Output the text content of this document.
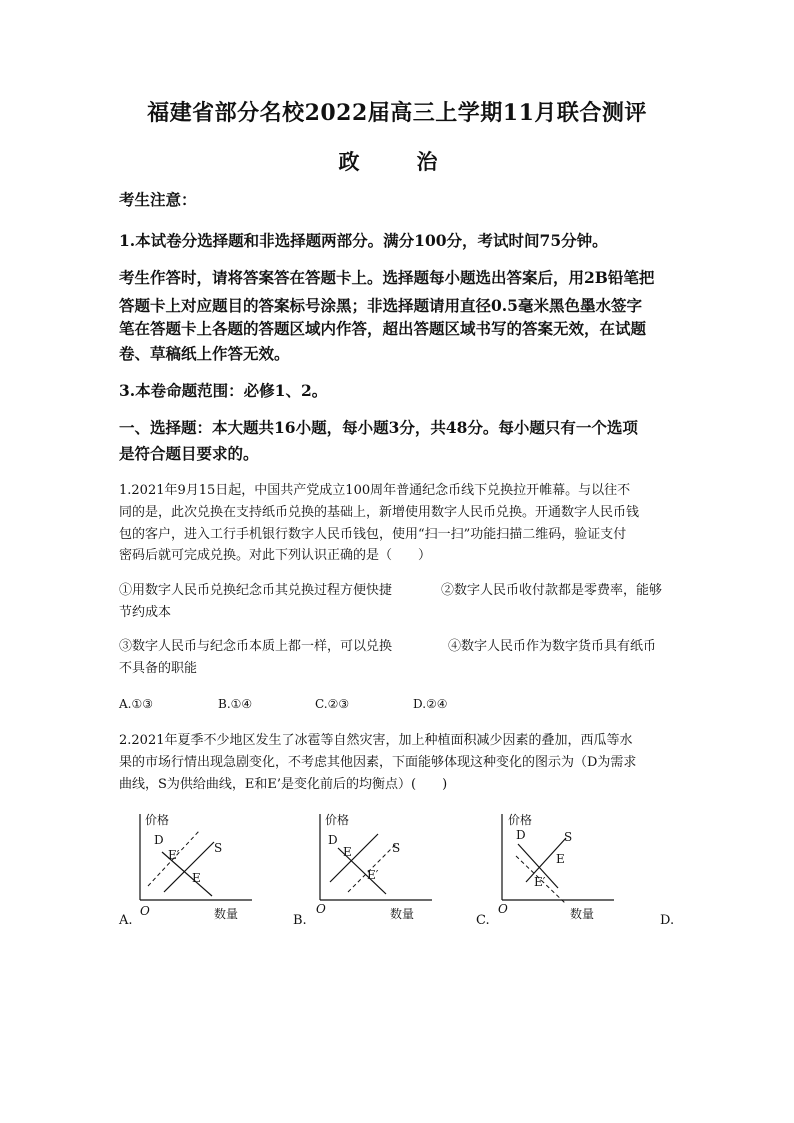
福建省部分名校2022届高三上学期11月联合测评
政　治
考生注意：
1.本试卷分选择题和非选择题两部分。满分100分，考试时间75分钟。
考生作答时，请将答案答在答题卡上。选择题每小题选出答案后，用2B铅笔把
答题卡上对应题目的答案标号涂黑；非选择题请用直径0.5毫米黑色墨水签字
笔在答题卡上各题的答题区域内作答，超出答题区域书写的答案无效，在试题
卷、草稿纸上作答无效。
3.本卷命题范围：必修1、2。
一、选择题：本大题共16小题，每小题3分，共48分。每小题只有一个选项
是符合题目要求的。
1.2021年9月15日起，中国共产党成立100周年普通纪念币线下兑换拉开帷幕。与以往不
同的是，此次兑换在支持纸币兑换的基础上，新增使用数字人民币兑换。开通数字人民币钱
包的客户，进入工行手机银行数字人民币钱包，使用“扫一扫”功能扫描二维码，验证支付
密码后就可完成兑换。对此下列认识正确的是（　　）
①用数字人民币兑换纪念币其兑换过程方便快捷	②数字人民币收付款都是零费率，能够
节约成本
③数字人民币与纪念币本质上都一样，可以兑换	④数字人民币作为数字货币具有纸币
不具备的职能
A.①③	B.①④	C.②③	D.②④
2.2021年夏季不少地区发生了冰雹等自然灾害，加上种植面积减少因素的叠加，西瓜等水
果的市场行情出现急剧变化，不考虑其他因素，下面能够体现这种变化的图示为（D为需求
曲线，S为供给曲线，E和E’是变化前后的均衡点）(　　)
价格
D
E′	S
E
O	数量
A.
价格
D
E	S
E′
O	数量
B.
价格
D	S
E
E′
O	数量
C.	D.
